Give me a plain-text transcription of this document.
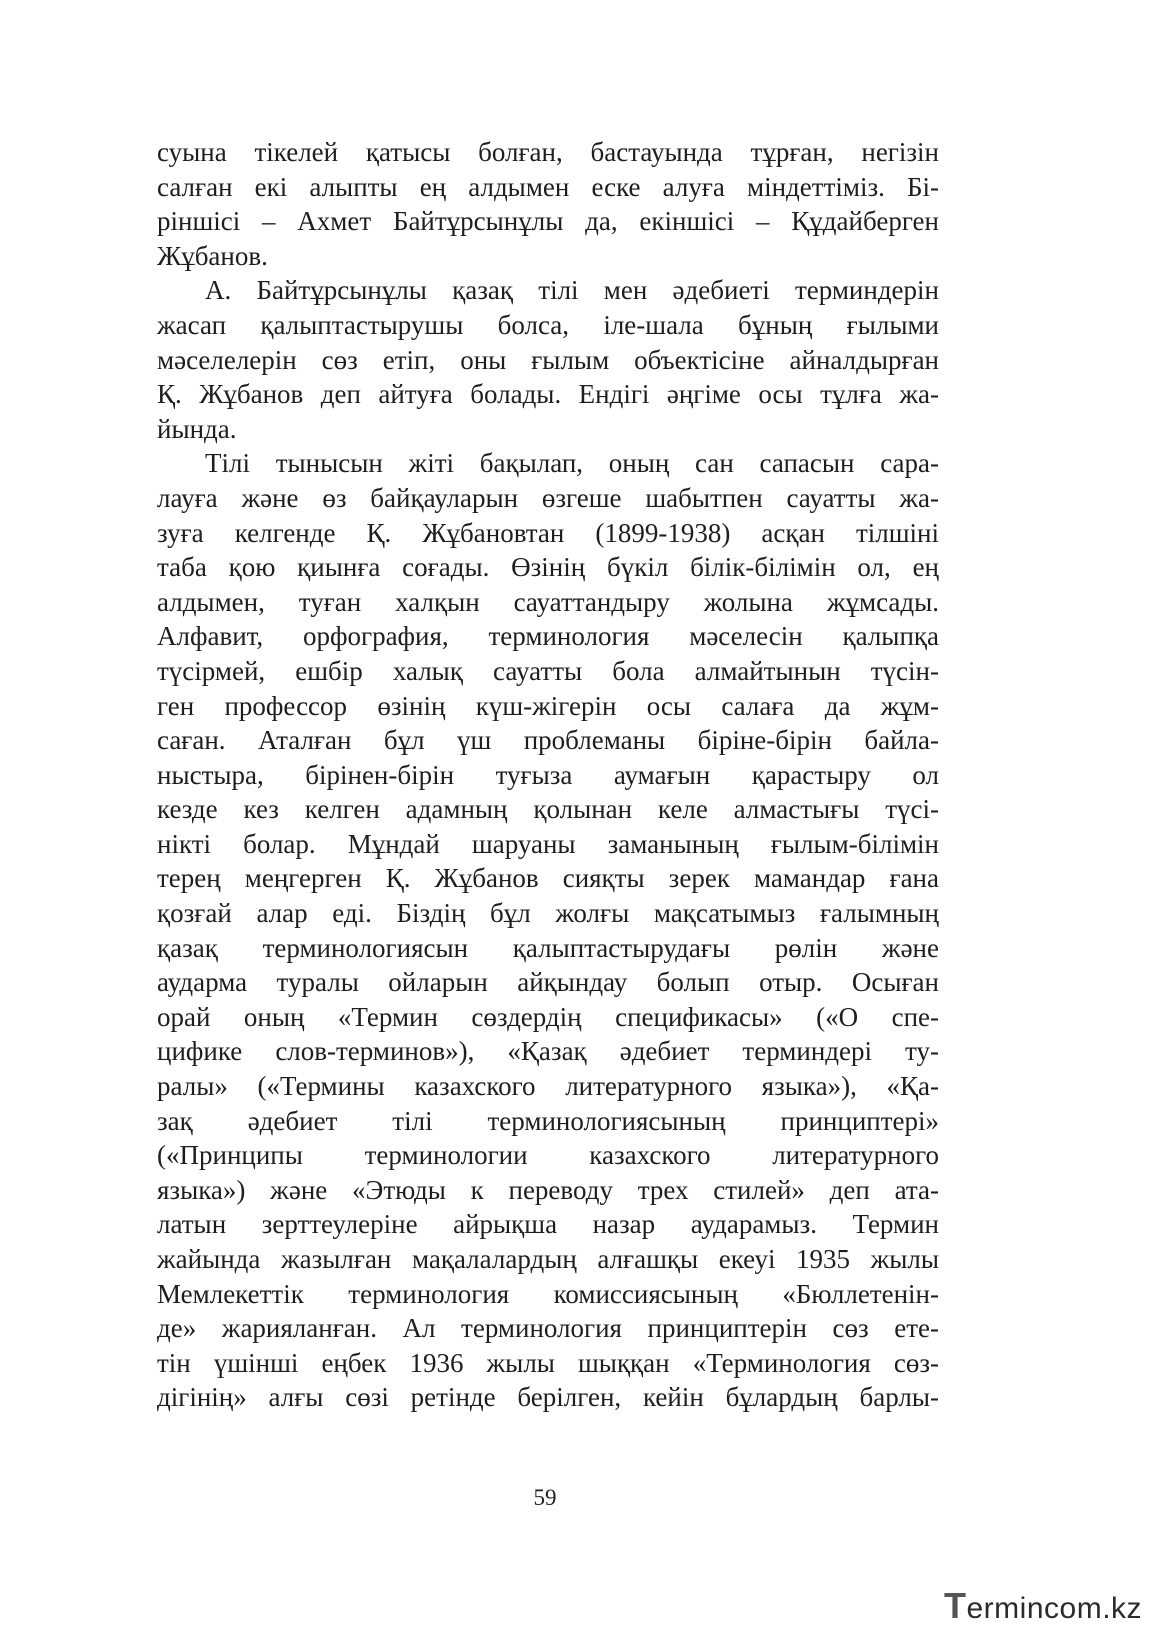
суына тікелей қатысы болған, бастауында тұрған, негізін
салған екі алыпты ең алдымен еске алуға міндеттіміз. Бі-
ріншісі – Ахмет Байтұрсынұлы да, екіншісі – Құдайберген
Жұбанов.
А. Байтұрсынұлы қазақ тілі мен әдебиеті терминдерін
жасап қалыптастырушы болса, іле-шала бұның ғылыми
мәселелерін сөз етіп, оны ғылым объектісіне айналдырған
Қ. Жұбанов деп айтуға болады. Ендігі әңгіме осы тұлға жа-
йында.
Тілі тынысын жіті бақылап, оның сан сапасын сара-
лауға және өз байқауларын өзгеше шабытпен сауатты жа-
зуға келгенде Қ. Жұбановтан (1899-1938) асқан тілшіні
таба қою қиынға соғады. Өзінің бүкіл білік-білімін ол, ең
алдымен, туған халқын сауаттандыру жолына жұмсады.
Алфавит, орфография, терминология мәселесін қалыпқа
түсірмей, ешбір халық сауатты бола алмайтынын түсін-
ген профессор өзінің күш-жігерін осы салаға да жұм-
саған. Аталған бұл үш проблеманы біріне-бірін байла-
ныстыра, бірінен-бірін туғыза аумағын қарастыру ол
кезде кез келген адамның қолынан келе алмастығы түсі-
нікті болар. Мұндай шаруаны заманының ғылым-білімін
терең меңгерген Қ. Жұбанов сияқты зерек мамандар ғана
қозғай алар еді. Біздің бұл жолғы мақсатымыз ғалымның
қазақ терминологиясын қалыптастырудағы рөлін және
аударма туралы ойларын айқындау болып отыр. Осыған
орай оның «Термин сөздердің спецификасы» («О спе-
цифике слов-терминов»), «Қазақ әдебиет терминдері ту-
ралы» («Термины казахского литературного языка»), «Қа-
зақ әдебиет тілі терминологиясының принциптері»
(«Принципы терминологии казахского литературного
языка») және «Этюды к переводу трех стилей» деп ата-
латын зерттеулеріне айрықша назар аударамыз. Термин
жайында жазылған мақалалардың алғашқы екеуі 1935 жылы
Мемлекеттік терминология комиссиясының «Бюллетенін-
де» жарияланған. Ал терминология принциптерін сөз ете-
тін үшінші еңбек 1936 жылы шыққан «Терминология сөз-
дігінің» алғы сөзі ретінде берілген, кейін бұлардың барлы-
59
Termincоm.kz
